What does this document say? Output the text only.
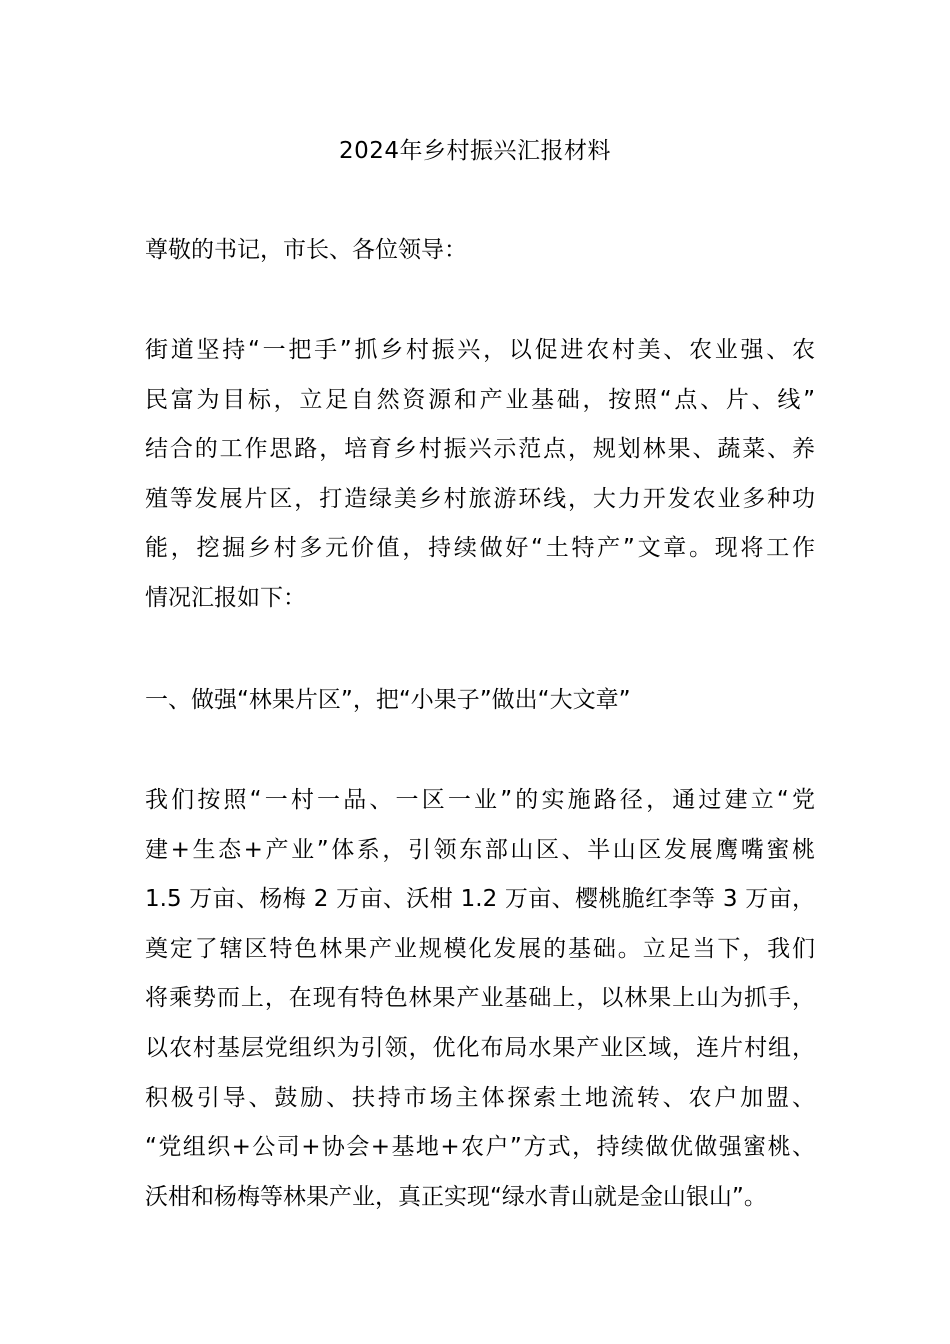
2024年乡村振兴汇报材料
尊敬的书记，市长、各位领导：
街道坚持“一把手”抓乡村振兴，以促进农村美、农业强、农
民富为目标，立足自然资源和产业基础，按照“点、片、线”
结合的工作思路，培育乡村振兴示范点，规划林果、蔬菜、养
殖等发展片区，打造绿美乡村旅游环线，大力开发农业多种功
能，挖掘乡村多元价值，持续做好“土特产”文章。现将工作
情况汇报如下：
一、做强“林果片区”，把“小果子”做出“大文章”
我们按照“一村一品、一区一业”的实施路径，通过建立“党
建+生态+产业”体系，引领东部山区、半山区发展鹰嘴蜜桃
1.5 万亩、杨梅 2 万亩、沃柑 1.2 万亩、樱桃脆红李等 3 万亩，
奠定了辖区特色林果产业规模化发展的基础。立足当下，我们
将乘势而上，在现有特色林果产业基础上，以林果上山为抓手，
以农村基层党组织为引领，优化布局水果产业区域，连片村组，
积极引导、鼓励、扶持市场主体探索土地流转、农户加盟、
“党组织+公司+协会+基地+农户”方式，持续做优做强蜜桃、
沃柑和杨梅等林果产业，真正实现“绿水青山就是金山银山”。
